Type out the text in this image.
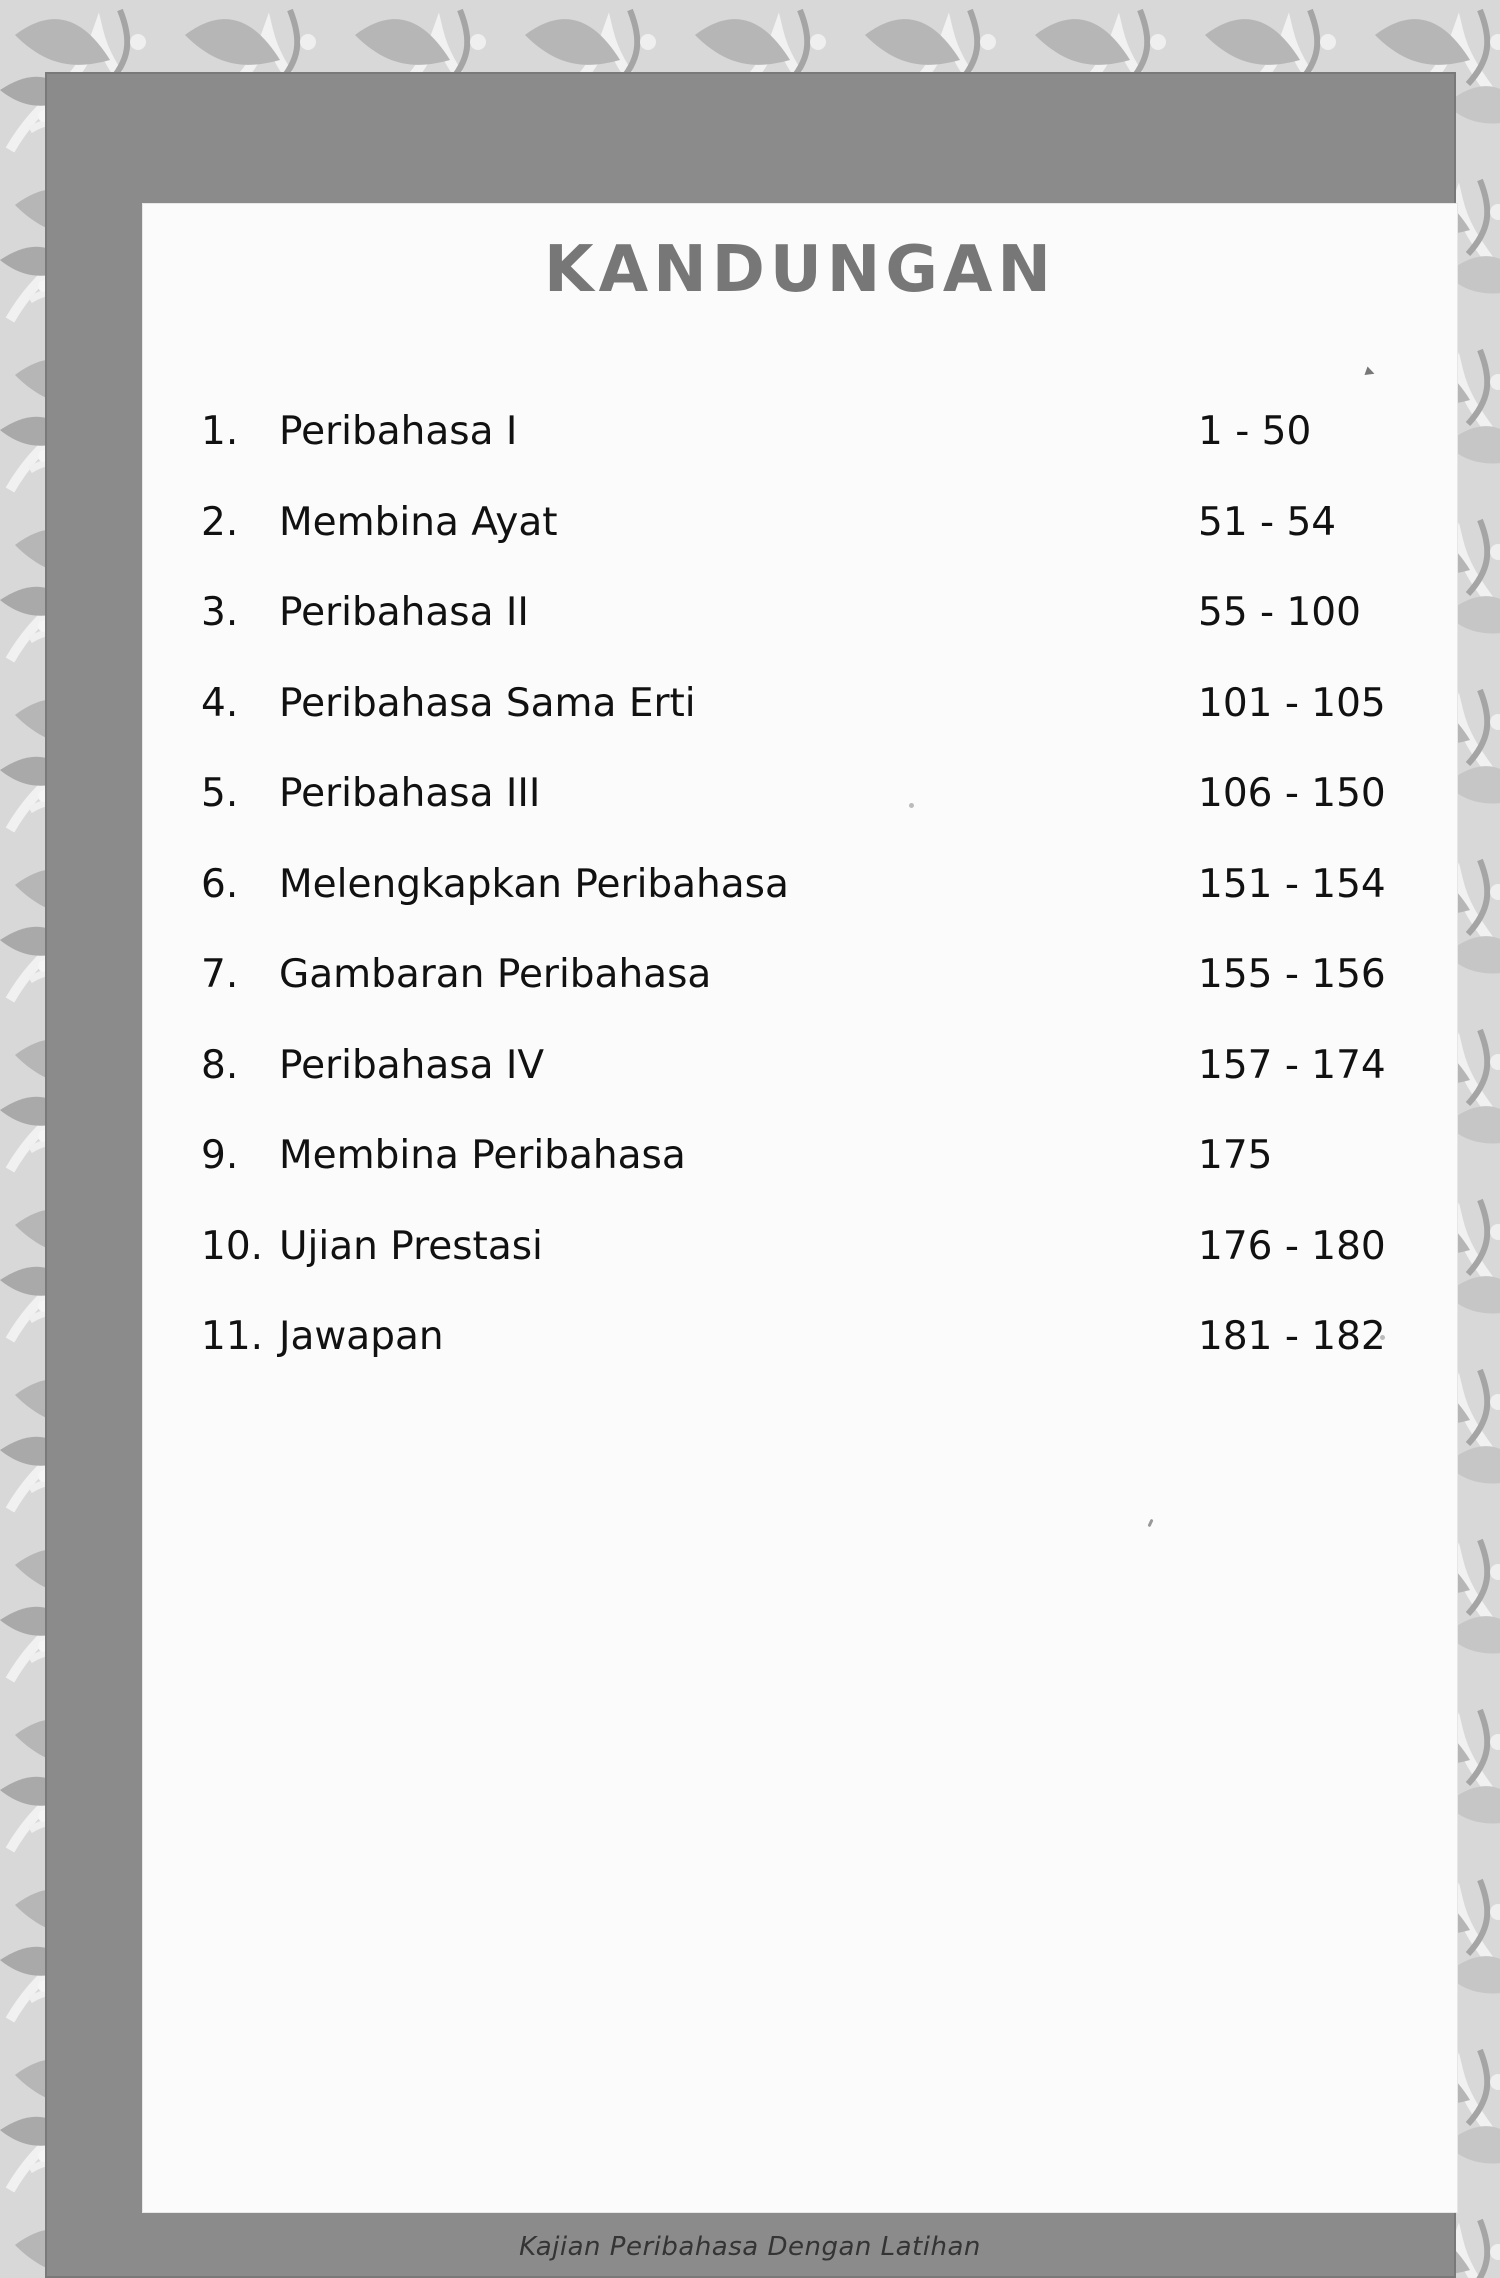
KANDUNGAN
▸
1.	Peribahasa I	1 - 50
2.	Membina Ayat	51 - 54
3.	Peribahasa II	55 - 100
4.	Peribahasa Sama Erti	101 - 105
5.	Peribahasa III	106 - 150
6.	Melengkapkan Peribahasa	151 - 154
7.	Gambaran Peribahasa	155 - 156
8.	Peribahasa IV	157 - 174
9.	Membina Peribahasa	175
10. Ujian Prestasi	176 - 180
11. Jawapan	181 - 182
Kajian Peribahasa Dengan Latihan
